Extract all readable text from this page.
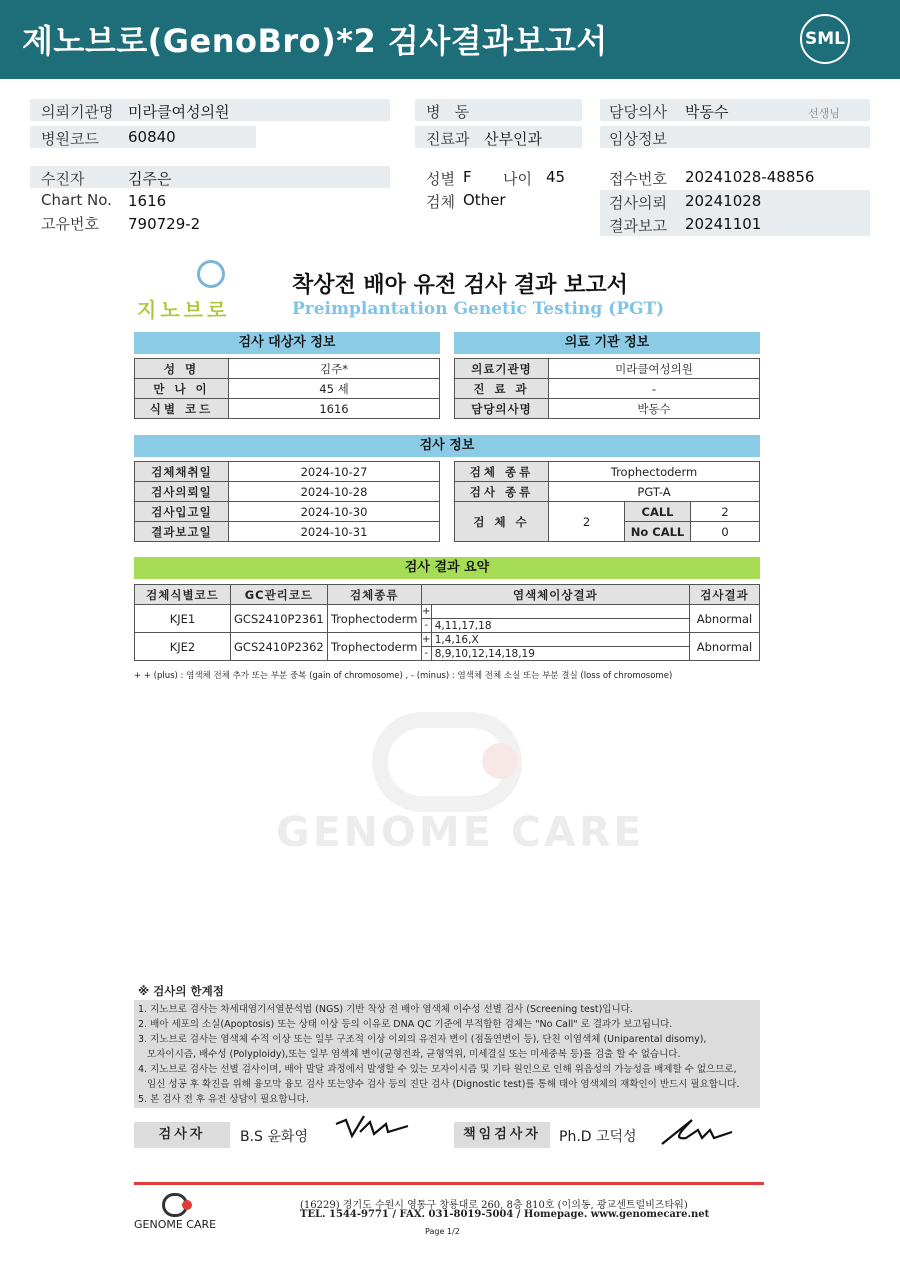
제노브로(GenoBro)*2 검사결과보고서	SML
의뢰기관명 미라클여성의원
병원코드 60840
병   동
진료과 산부인과
담당의사 박동수	선생님
임상정보
수진자	김주은
Chart No. 1616
고유번호 790729-2
성별 F 나이 45
검체 Other
접수번호 20241028-48856
검사의뢰 20241028
결과보고 20241101
지노브로
착상전 배아 유전 검사 결과 보고서
Preimplantation Genetic Testing (PGT)
검사 대상자 정보
성 명	김주*
만 나 이	45 세
식별 코드	1616
의료 기관 정보
의료기관명	미라클여성의원
진 료 과	-
담당의사명	박동수
검사 정보
검체채취일	2024-10-27
검사의뢰일	2024-10-28
검사입고일	2024-10-30
결과보고일	2024-10-31
검체 종류	Trophectoderm		
검사 종류	PGT-A		
검 체 수	2	CALL	2
		No CALL	0
검사 결과 요약
검체식별코드	GC관리코드	검체종류	염색체이상결과		검사결과
KJE1	GCS2410P2361	Trophectoderm	+		Abnormal
			-	4,11,17,18	
KJE2	GCS2410P2362	Trophectoderm	+	1,4,16,X	Abnormal
			-	8,9,10,12,14,18,19	
+ + (plus) : 염색체 전체 추가 또는 부분 중복 (gain of chromosome) , - (minus) : 염색체 전체 소실 또는 부분 결실 (loss of chromosome)
GENOME CARE
※ 검사의 한계점
1. 지노브로 검사는 차세대염기서열분석법 (NGS) 기반 착상 전 배아 염색체 이수성 선별 검사 (Screening test)입니다.
2. 배아 세포의 소실(Apoptosis) 또는 상태 이상 등의 이유로 DNA QC 기준에 부적합한 검체는 "No Call" 로 결과가 보고됩니다.
3. 지노브로 검사는 염색체 수적 이상 또는 일부 구조적 이상 이외의 유전자 변이 (점돌연변이 등), 단친 이염색체 (Uniparental disomy),
모자이시즘, 배수성 (Polyploidy),또는 일부 염색체 변이(균형전좌, 균형역위, 미세결실 또는 미세중복 등)를 검출 할 수 없습니다.
4. 지노브로 검사는 선별 검사이며, 배아 발달 과정에서 발생할 수 있는 모자이시즘 및 기타 원인으로 인해 위음성의 가능성을 배제할 수 없으므로,
임신 성공 후 확진을 위해 융모막 융모 검사 또는양수 검사 등의 진단 검사 (Dignostic test)를 통해 태아 염색체의 재확인이 반드시 필요합니다.
5. 본 검사 전 후 유전 상담이 필요합니다.
검사자	B.S 윤화영	책임검사자	Ph.D 고덕성
GENOME CARE
(16229) 경기도 수원시 영통구 창룡대로 260, 8층 810호 (이의동, 광교센트럴비즈타워)
TEL. 1544-9771 / FAX. 031-8019-5004 / Homepage. www.genomecare.net
Page 1/2
